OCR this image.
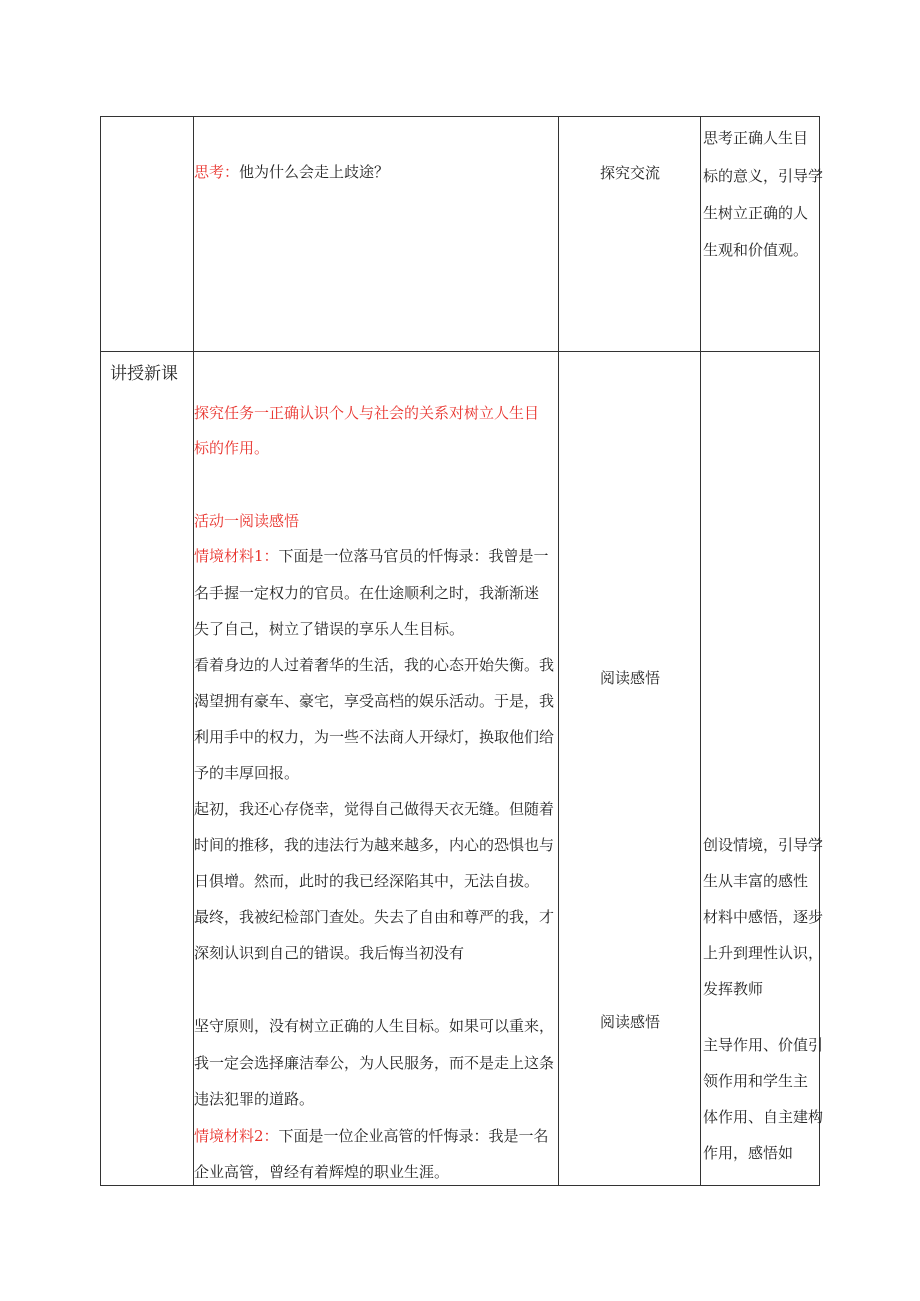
思考：他为什么会走上歧途？	探究交流
思考正确人生目
标的意义，引导学
生树立正确的人
生观和价值观。
讲授新课
探究任务一正确认识个人与社会的关系对树立人生目
标的作用。
活动一阅读感悟
情境材料1：下面是一位落马官员的忏悔录：我曾是一
名手握一定权力的官员。在仕途顺利之时，我渐渐迷
失了自己，树立了错误的享乐人生目标。
看着身边的人过着奢华的生活，我的心态开始失衡。我
渴望拥有豪车、豪宅，享受高档的娱乐活动。于是，我
利用手中的权力，为一些不法商人开绿灯，换取他们给
予的丰厚回报。
起初，我还心存侥幸，觉得自己做得天衣无缝。但随着
时间的推移，我的违法行为越来越多，内心的恐惧也与
日俱增。然而，此时的我已经深陷其中，无法自拔。
最终，我被纪检部门查处。失去了自由和尊严的我，才
深刻认识到自己的错误。我后悔当初没有
坚守原则，没有树立正确的人生目标。如果可以重来，
我一定会选择廉洁奉公，为人民服务，而不是走上这条
违法犯罪的道路。
情境材料2：下面是一位企业高管的忏悔录：我是一名
企业高管，曾经有着辉煌的职业生涯。
阅读感悟
阅读感悟
创设情境，引导学
生从丰富的感性
材料中感悟，逐步
上升到理性认识，
发挥教师
主导作用、价值引
领作用和学生主
体作用、自主建构
作用，感悟如
